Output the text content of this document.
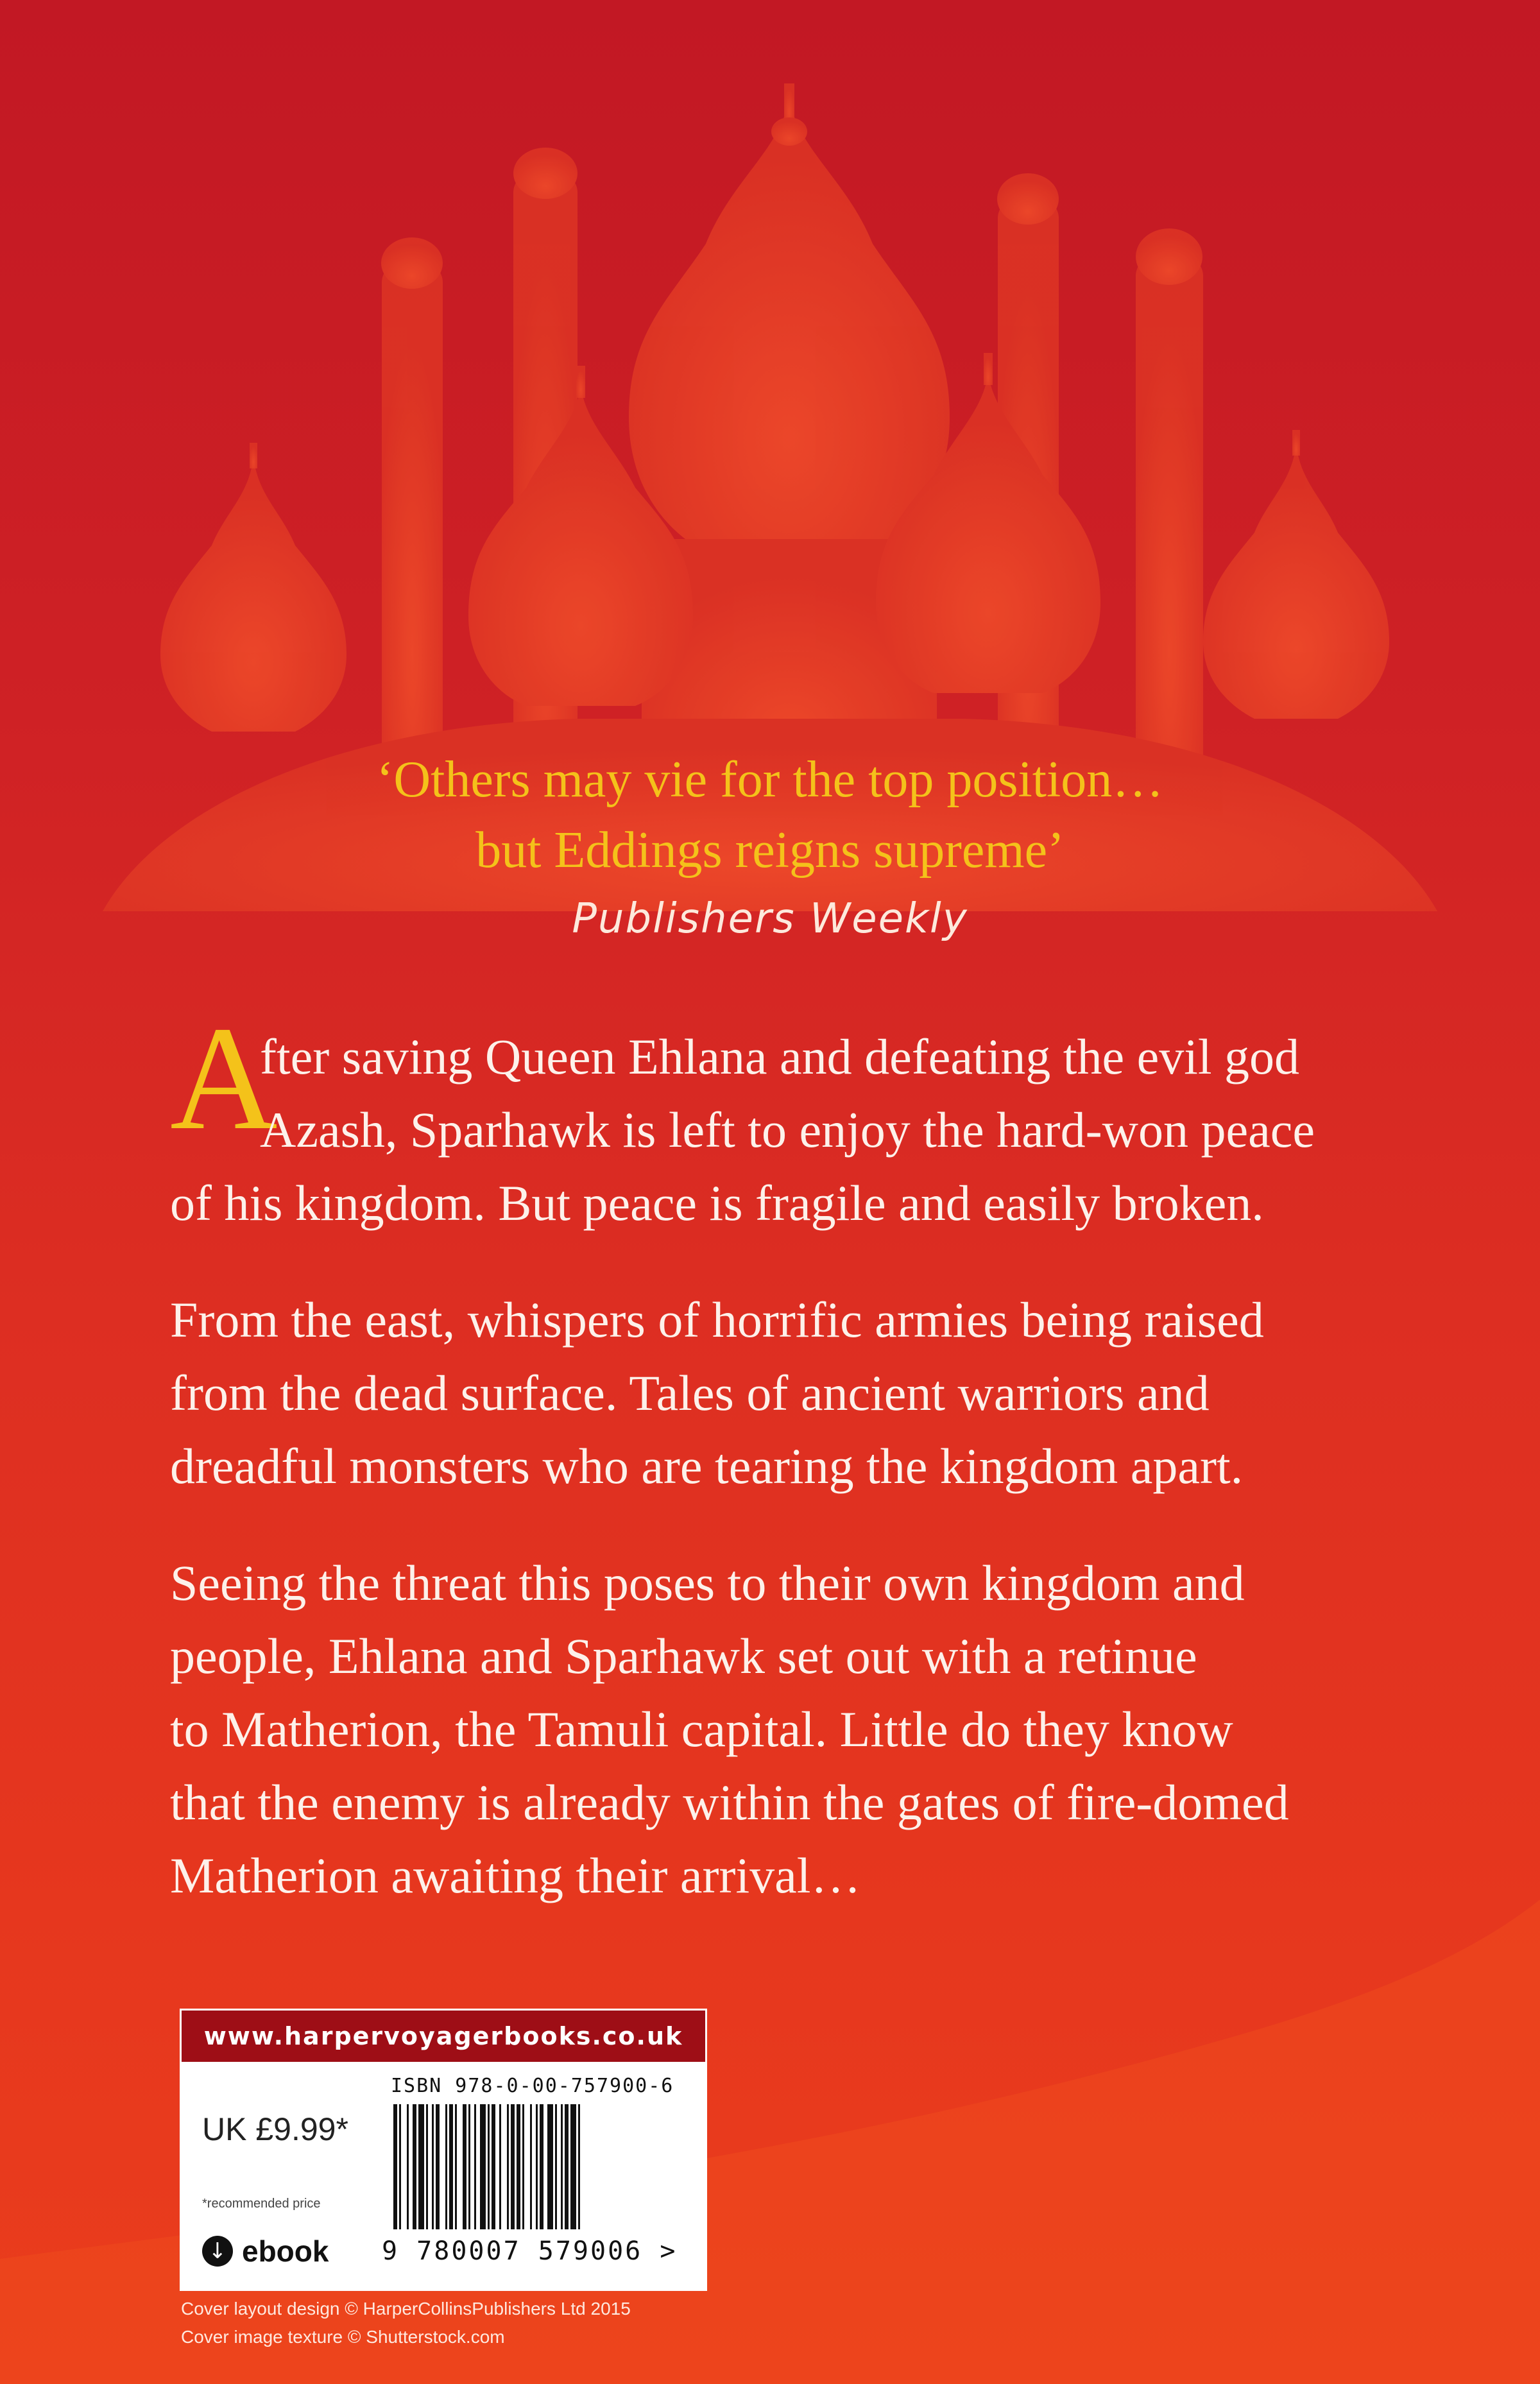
‘Others may vie for the top position…
but Eddings reigns supreme’
Publishers Weekly
A
fter saving Queen Ehlana and defeating the evil god
Azash, Sparhawk is left to enjoy the hard-won peace
of his kingdom. But peace is fragile and easily broken.
From the east, whispers of horrific armies being raised
from the dead surface. Tales of ancient warriors and
dreadful monsters who are tearing the kingdom apart.
Seeing the threat this poses to their own kingdom and
people, Ehlana and Sparhawk set out with a retinue
to Matherion, the Tamuli capital. Little do they know
that the enemy is already within the gates of fire-domed
Matherion awaiting their arrival…
www.harpervoyagerbooks.co.uk
UK £9.99*
*recommended price
↓ ebook
ISBN 978-0-00-757900-6
9 780007 579006 >
Cover layout design © HarperCollinsPublishers Ltd 2015
Cover image texture © Shutterstock.com
